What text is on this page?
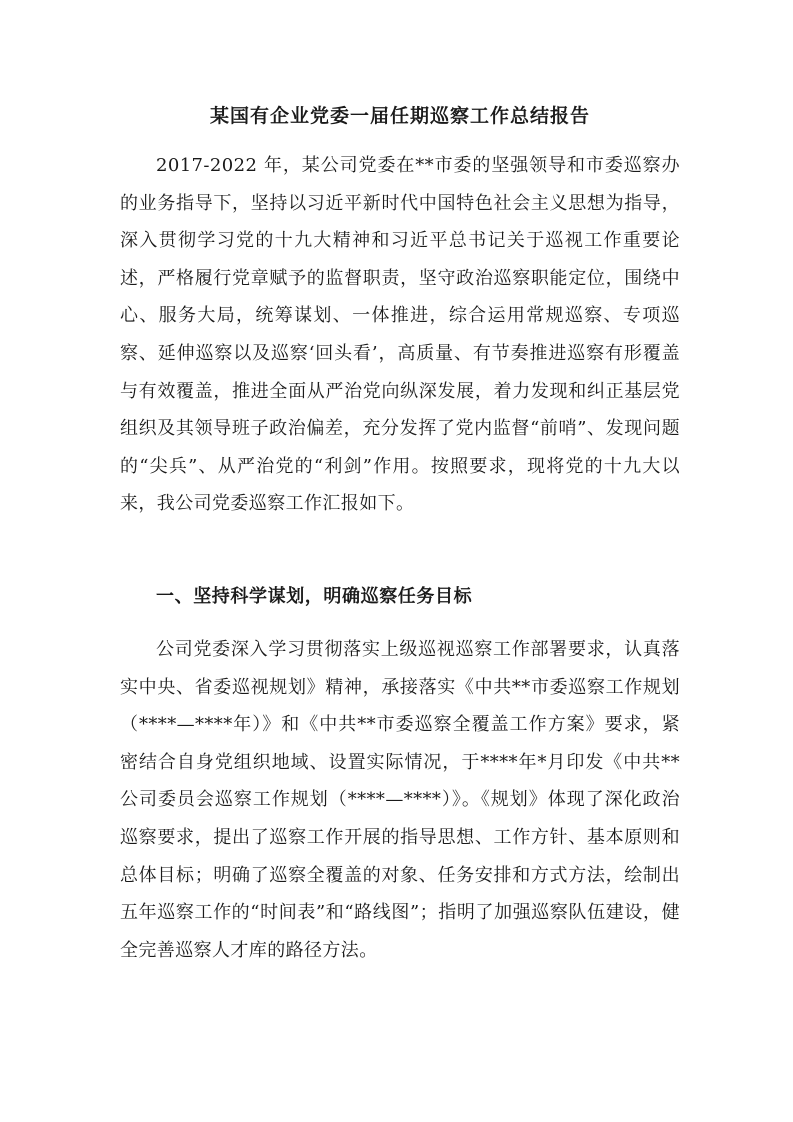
某国有企业党委一届任期巡察工作总结报告

2017-2022 年，某公司党委在**市委的坚强领导和市委巡察办的业务指导下，坚持以习近平新时代中国特色社会主义思想为指导，深入贯彻学习党的十九大精神和习近平总书记关于巡视工作重要论述，严格履行党章赋予的监督职责，坚守政治巡察职能定位，围绕中心、服务大局，统筹谋划、一体推进，综合运用常规巡察、专项巡察、延伸巡察以及巡察‘回头看’，高质量、有节奏推进巡察有形覆盖与有效覆盖，推进全面从严治党向纵深发展，着力发现和纠正基层党组织及其领导班子政治偏差，充分发挥了党内监督“前哨”、发现问题的“尖兵”、从严治党的“利剑”作用。按照要求，现将党的十九大以来，我公司党委巡察工作汇报如下。

一、坚持科学谋划，明确巡察任务目标

公司党委深入学习贯彻落实上级巡视巡察工作部署要求，认真落实中央、省委巡视规划》精神，承接落实《中共**市委巡察工作规划（****—****年）》和《中共**市委巡察全覆盖工作方案》要求，紧密结合自身党组织地域、设置实际情况，于****年*月印发《中共**公司委员会巡察工作规划（****—****）》。《规划》体现了深化政治巡察要求，提出了巡察工作开展的指导思想、工作方针、基本原则和总体目标；明确了巡察全覆盖的对象、任务安排和方式方法，绘制出五年巡察工作的“时间表”和“路线图”；指明了加强巡察队伍建设，健全完善巡察人才库的路径方法。
